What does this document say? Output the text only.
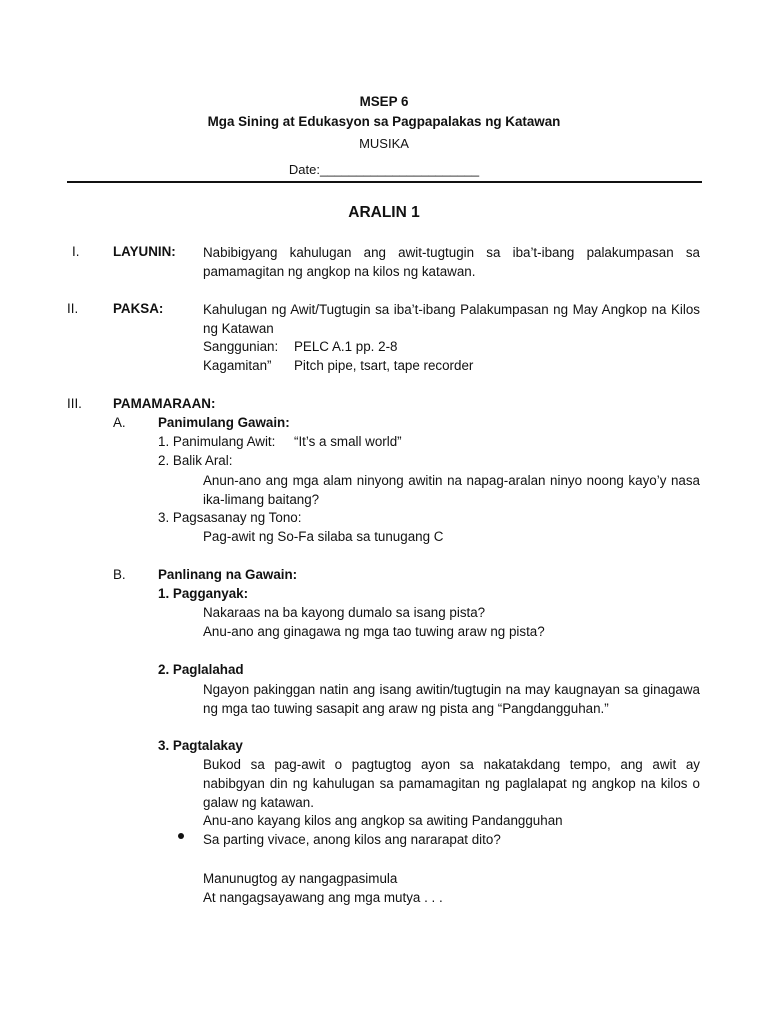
MSEP 6
Mga Sining at Edukasyon sa Pagpapalakas ng Katawan
MUSIKA
Date:______________________
ARALIN 1
I.	LAYUNIN: Nabibigyang kahulugan ang awit-tugtugin sa iba’t-ibang palakumpasan sa pamamagitan ng angkop na kilos ng katawan.
II.	PAKSA:	Kahulugan ng Awit/Tugtugin sa iba’t-ibang Palakumpasan ng May Angkop na Kilos ng Katawan
Sanggunian: PELC A.1 pp. 2-8
Kagamitan” Pitch pipe, tsart, tape recorder
III. PAMAMARAAN:
A. Panimulang Gawain:
1. Panimulang Awit: “It’s a small world”
2. Balik Aral:
Anun-ano ang mga alam ninyong awitin na napag-aralan ninyo noong kayo’y nasa ika-limang baitang?
3. Pagsasanay ng Tono:
Pag-awit ng So-Fa silaba sa tunugang C
B. Panlinang na Gawain:
1. Pagganyak:
Nakaraas na ba kayong dumalo sa isang pista?
Anu-ano ang ginagawa ng mga tao tuwing araw ng pista?
2. Paglalahad
Ngayon pakinggan natin ang isang awitin/tugtugin na may kaugnayan sa ginagawa ng mga tao tuwing sasapit ang araw ng pista ang “Pangdangguhan.”
3. Pagtalakay
Bukod sa pag-awit o pagtugtog ayon sa nakatakdang tempo, ang awit ay nabibgyan din ng kahulugan sa pamamagitan ng paglalapat ng angkop na kilos o galaw ng katawan.
Anu-ano kayang kilos ang angkop sa awiting Pandangguhan
Sa parting vivace, anong kilos ang nararapat dito?
Manunugtog ay nangagpasimula
At nangagsayawang ang mga mutya . . .
